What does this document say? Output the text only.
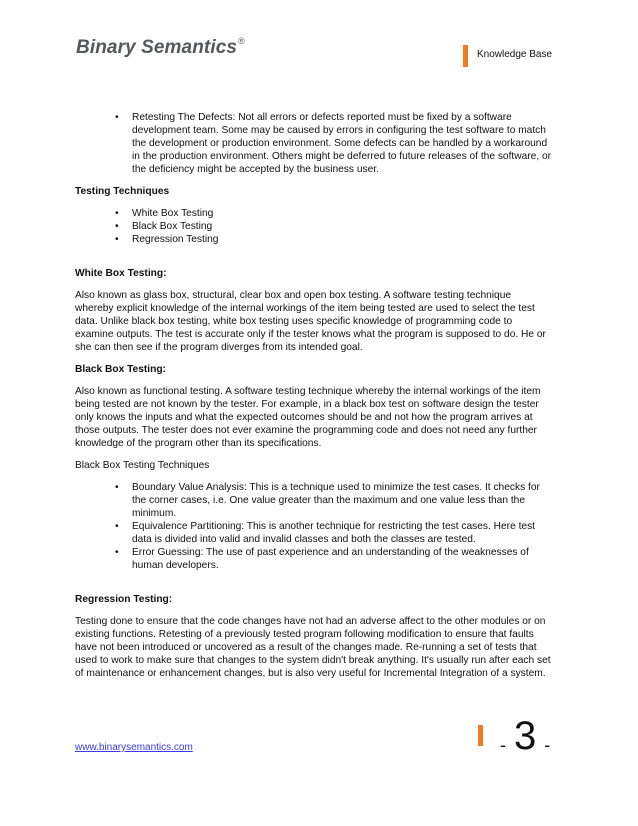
Binary Semantics®
Knowledge Base
• Retesting The Defects: Not all errors or defects reported must be fixed by a software
development team. Some may be caused by errors in configuring the test software to match
the development or production environment. Some defects can be handled by a workaround
in the production environment. Others might be deferred to future releases of the software, or
the deficiency might be accepted by the business user.
Testing Techniques
• White Box Testing
• Black Box Testing
• Regression Testing
White Box Testing:
Also known as glass box, structural, clear box and open box testing. A software testing technique
whereby explicit knowledge of the internal workings of the item being tested are used to select the test
data. Unlike black box testing, white box testing uses specific knowledge of programming code to
examine outputs. The test is accurate only if the tester knows what the program is supposed to do. He or
she can then see if the program diverges from its intended goal.
Black Box Testing:
Also known as functional testing. A software testing technique whereby the internal workings of the item
being tested are not known by the tester. For example, in a black box test on software design the tester
only knows the inputs and what the expected outcomes should be and not how the program arrives at
those outputs. The tester does not ever examine the programming code and does not need any further
knowledge of the program other than its specifications.
Black Box Testing Techniques
• Boundary Value Analysis: This is a technique used to minimize the test cases. It checks for
the corner cases, i.e. One value greater than the maximum and one value less than the
minimum.
• Equivalence Partitioning: This is another technique for restricting the test cases. Here test
data is divided into valid and invalid classes and both the classes are tested.
• Error Guessing: The use of past experience and an understanding of the weaknesses of
human developers.
Regression Testing:
Testing done to ensure that the code changes have not had an adverse affect to the other modules or on
existing functions. Retesting of a previously tested program following modification to ensure that faults
have not been introduced or uncovered as a result of the changes made. Re-running a set of tests that
used to work to make sure that changes to the system didn't break anything. It's usually run after each set
of maintenance or enhancement changes, but is also very useful for Incremental Integration of a system.
www.binarysemantics.com	- 3 -
